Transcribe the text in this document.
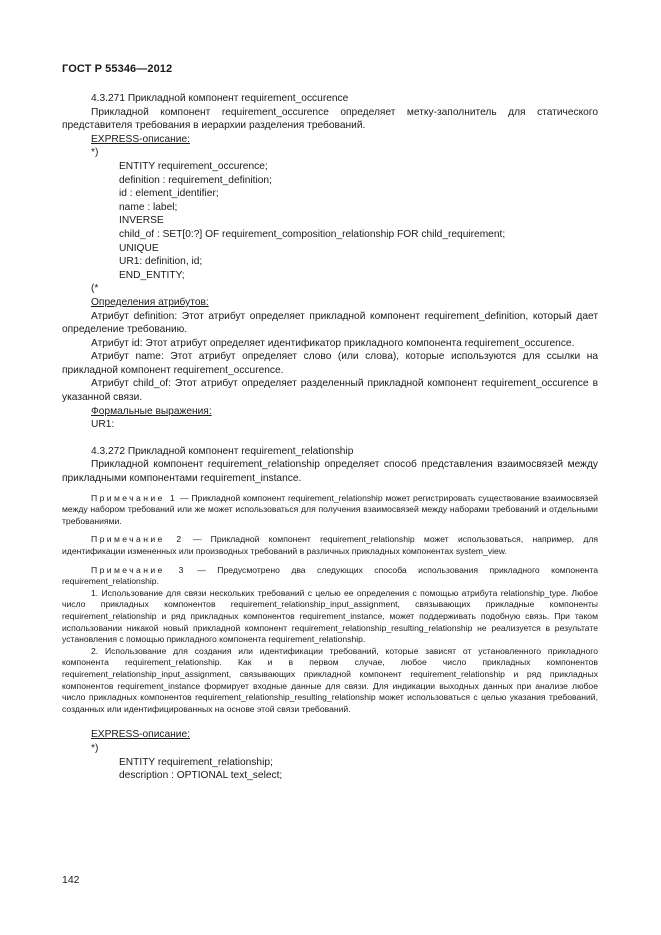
ГОСТ Р 55346—2012

4.3.271 Прикладной компонент requirement_occurence

Прикладной компонент requirement_occurence определяет метку-заполнитель для статического представителя требования в иерархии разделения требований.

EXPRESS-описание:

*)

ENTITY requirement_occurence;

definition : requirement_definition;

id : element_identifier;

name : label;

INVERSE

child_of : SET[0:?] OF requirement_composition_relationship FOR child_requirement;

UNIQUE

UR1: definition, id;

END_ENTITY;

(*

Определения атрибутов:

Атрибут definition: Этот атрибут определяет прикладной компонент requirement_definition, который дает определение требованию.

Атрибут id: Этот атрибут определяет идентификатор прикладного компонента requirement_occurence.

Атрибут name: Этот атрибут определяет слово (или слова), которые используются для ссылки на прикладной компонент requirement_occurence.

Атрибут child_of: Этот атрибут определяет разделенный прикладной компонент requirement_occurence в указанной связи.

Формальные выражения:

UR1:

4.3.272 Прикладной компонент requirement_relationship

Прикладной компонент requirement_relationship определяет способ представления взаимосвязей между прикладными компонентами requirement_instance.

Примечание 1 — Прикладной компонент requirement_relationship может регистрировать существование взаимосвязей между набором требований или же может использоваться для получения взаимосвязей между наборами требований и отдельными требованиями.

Примечание 2 — Прикладной компонент requirement_relationship может использоваться, например, для идентификации измененных или производных требований в различных прикладных компонентах system_view.

Примечание 3 — Предусмотрено два следующих способа использования прикладного компонента requirement_relationship.

1. Использование для связи нескольких требований с целью ее определения с помощью атрибута relationship_type. Любое число прикладных компонентов requirement_relationship_input_assignment, связывающих прикладные компоненты requirement_relationship и ряд прикладных компонентов requirement_instance, может поддерживать подобную связь. При таком использовании никакой новый прикладной компонент requirement_relationship_resulting_relationship не реализуется в результате установления с помощью прикладного компонента requirement_relationship.

2. Использование для создания или идентификации требований, которые зависят от установленного прикладного компонента requirement_relationship. Как и в первом случае, любое число прикладных компонентов requirement_relationship_input_assignment, связывающих прикладной компонент requirement_relationship и ряд прикладных компонентов requirement_instance формирует входные данные для связи. Для индикации выходных данных при анализе любое число прикладных компонентов requirement_relationship_resulting_relationship может использоваться с целью указания требований, созданных или идентифицированных на основе этой связи требований.

EXPRESS-описание:

*)

ENTITY requirement_relationship;

description : OPTIONAL text_select;

142
